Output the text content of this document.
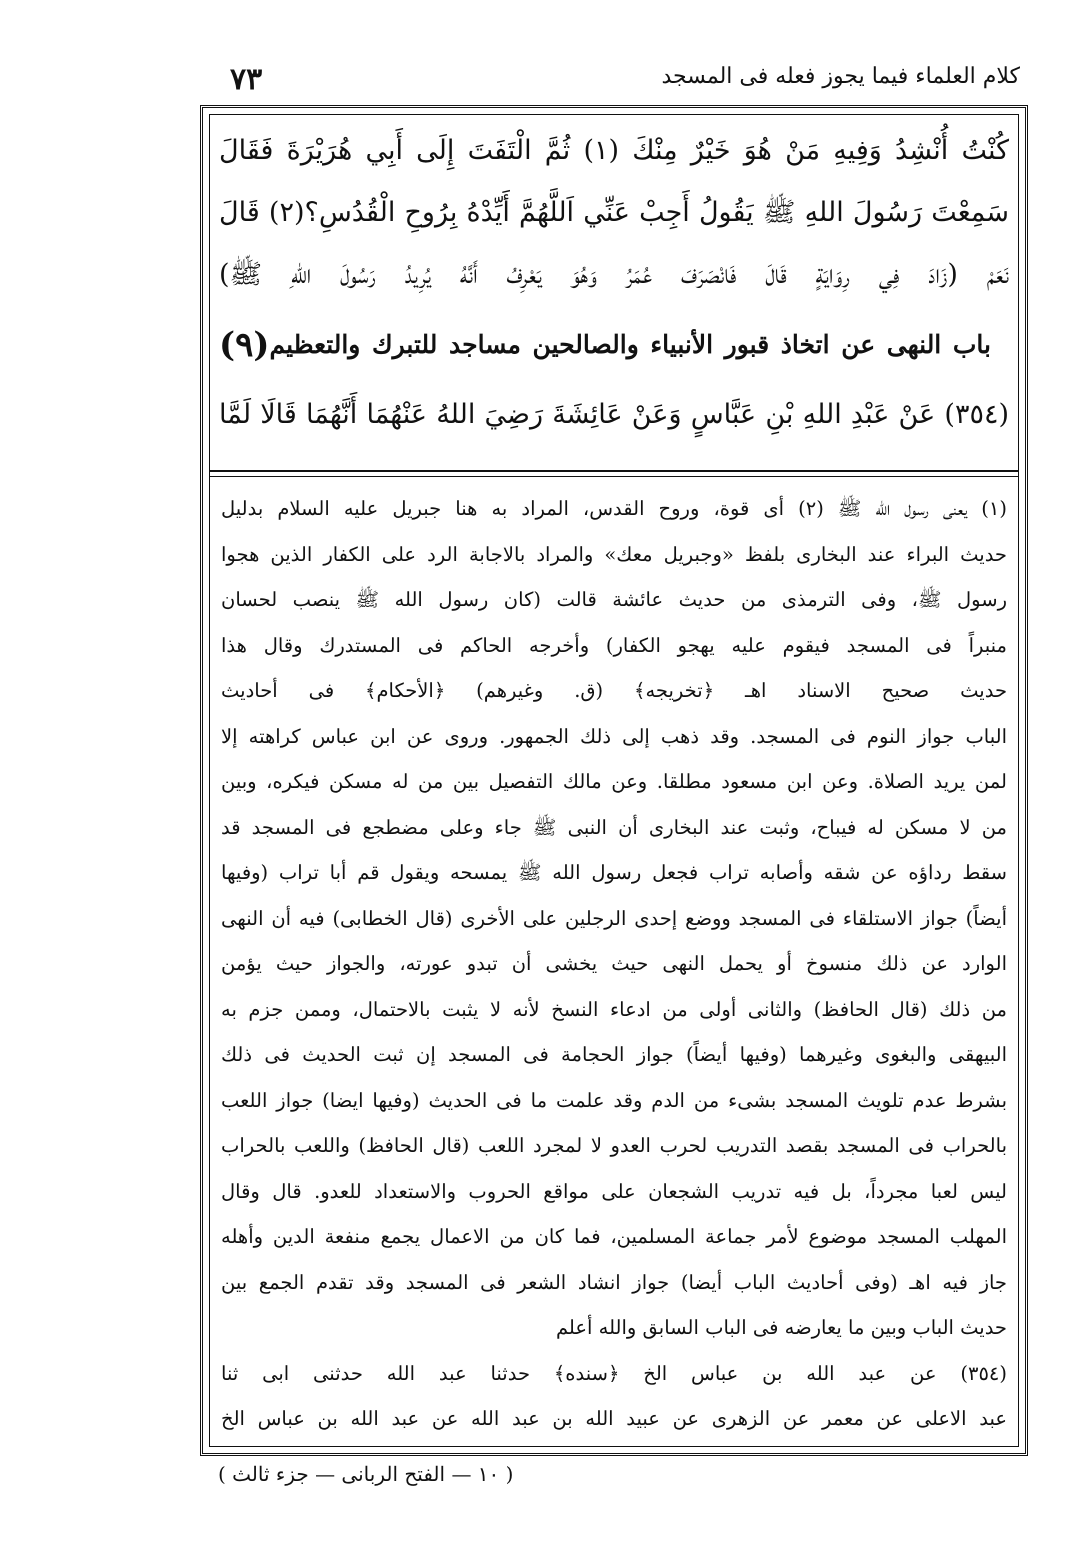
٧٣	كلام العلماء فيما يجوز فعله فى المسجد
كُنْتُ أُنْشِدُ وَفِيهِ مَنْ هُوَ خَيْرٌ مِنْكَ (١) ثُمَّ الْتَفَتَ إِلَى أَبِي هُرَيْرَةَ فَقَالَ
سَمِعْتَ رَسُولَ اللهِ ﷺ يَقُولُ أَجِبْ عَنِّي اَللَّهُمَّ أَيِّدْهُ بِرُوحِ الْقُدُسِ؟(٢) قَالَ
نَعَمْ (زَادَ فِي رِوَايَةٍ قَالَ فَانْصَرَفَ عُمَرُ وَهُوَ يَعْرِفُ أَنَّهُ يُرِيدُ رَسُولَ اللهِ ﷺ)
باب النهى عن اتخاذ قبور الأنبياء والصالحين مساجد للتبرك والتعظيم
(٩)
(٣٥٤) عَنْ عَبْدِ اللهِ بْنِ عَبَّاسٍ وَعَنْ عَائِشَةَ رَضِيَ اللهُ عَنْهُمَا أَنَّهُمَا قَالَا لَمَّا
(١) يعنى رسول الله ﷺ (٢) أى قوة، وروح القدس، المراد به هنا جبريل عليه السلام بدليل
حديث البراء عند البخارى بلفظ «وجبريل معك» والمراد بالاجابة الرد على الكفار الذين هجوا
رسول ﷺ، وفى الترمذى من حديث عائشة قالت (كان رسول الله ﷺ ينصب لحسان
منبراً فى المسجد فيقوم عليه يهجو الكفار) وأخرجه الحاكم فى المستدرك وقال هذا
حديث صحيح الاسناد اهـ ﴿تخريجه﴾ (ق. وغيرهم) ﴿الأحكام﴾ فى أحاديث
الباب جواز النوم فى المسجد. وقد ذهب إلى ذلك الجمهور. وروى عن ابن عباس كراهته إلا
لمن يريد الصلاة. وعن ابن مسعود مطلقا. وعن مالك التفصيل بين من له مسكن فيكره، وبين
من لا مسكن له فيباح، وثبت عند البخارى أن النبى ﷺ جاء وعلى مضطجع فى المسجد قد
سقط رداؤه عن شقه وأصابه تراب فجعل رسول الله ﷺ يمسحه ويقول قم أبا تراب (وفيها
أيضاً) جواز الاستلقاء فى المسجد ووضع إحدى الرجلين على الأخرى (قال الخطابى) فيه أن النهى
الوارد عن ذلك منسوخ أو يحمل النهى حيث يخشى أن تبدو عورته، والجواز حيث يؤمن
من ذلك (قال الحافظ) والثانى أولى من ادعاء النسخ لأنه لا يثبت بالاحتمال، وممن جزم به
البيهقى والبغوى وغيرهما (وفيها أيضاً) جواز الحجامة فى المسجد إن ثبت الحديث فى ذلك
بشرط عدم تلويث المسجد بشىء من الدم وقد علمت ما فى الحديث (وفيها ايضا) جواز اللعب
بالحراب فى المسجد بقصد التدريب لحرب العدو لا لمجرد اللعب (قال الحافظ) واللعب بالحراب
ليس لعبا مجرداً، بل فيه تدريب الشجعان على مواقع الحروب والاستعداد للعدو. قال وقال
المهلب المسجد موضوع لأمر جماعة المسلمين، فما كان من الاعمال يجمع منفعة الدين وأهله
جاز فيه اهـ (وفى أحاديث الباب أيضا) جواز انشاد الشعر فى المسجد وقد تقدم الجمع بين
حديث الباب وبين ما يعارضه فى الباب السابق والله أعلم
(٣٥٤) عن عبد الله بن عباس الخ ﴿سنده﴾ حدثنا عبد الله حدثنى ابى ثنا
عبد الاعلى عن معمر عن الزهرى عن عبيد الله بن عبد الله عن عبد الله بن عباس الخ
( ١٠ — الفتح الربانى — جزء ثالث )
